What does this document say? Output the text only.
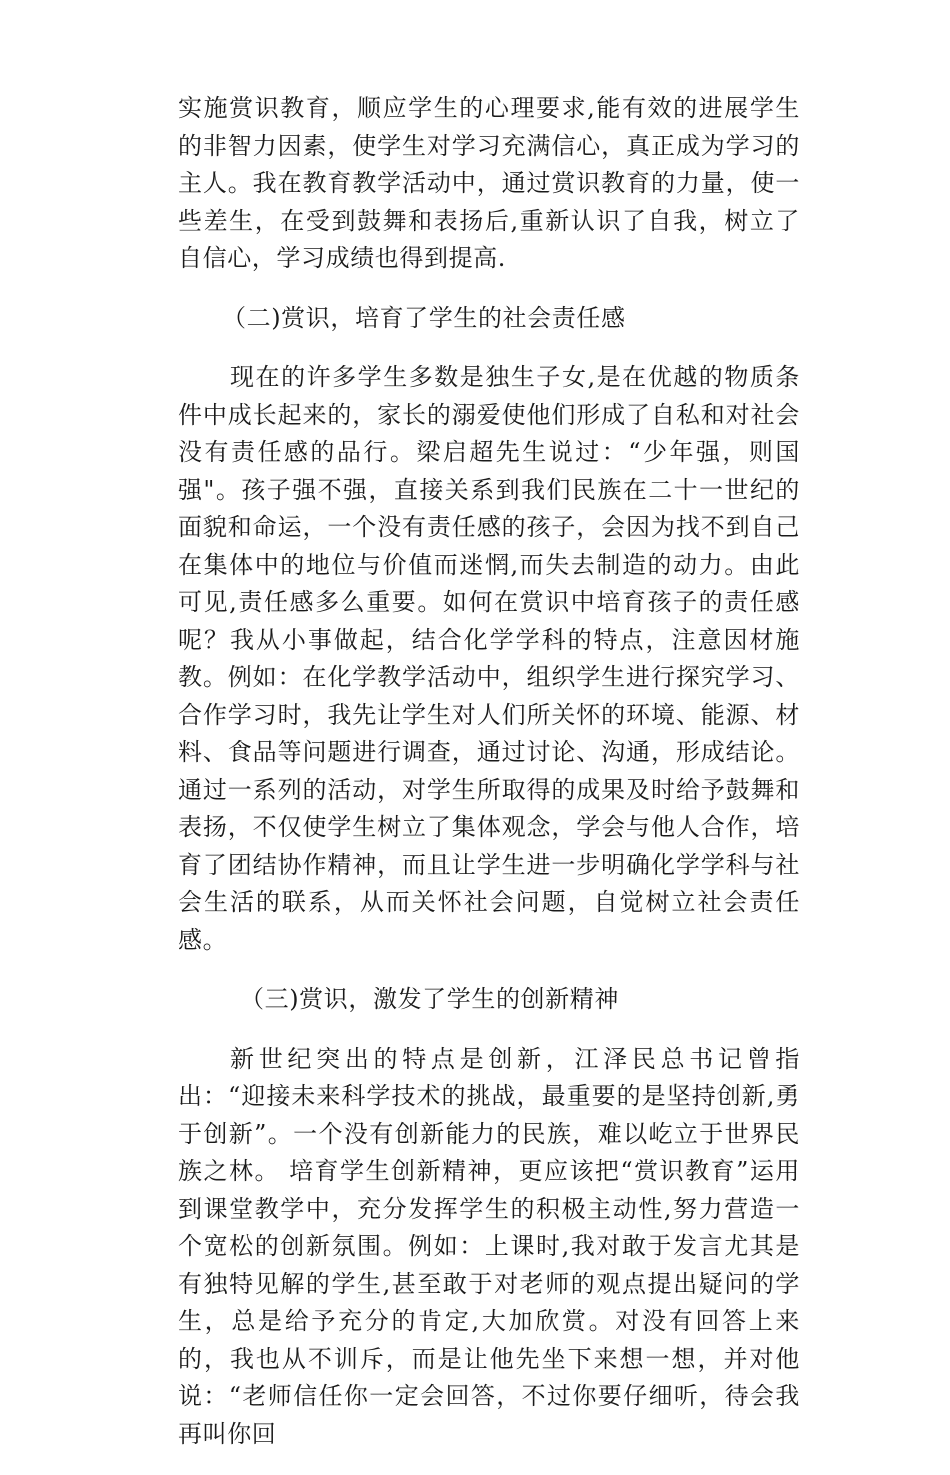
实施赏识教育，顺应学生的心理要求,能有效的进展学生的非智力因素，使学生对学习充满信心，真正成为学习的主人。我在教育教学活动中，通过赏识教育的力量，使一些差生，在受到鼓舞和表扬后,重新认识了自我，树立了自信心，学习成绩也得到提高.

（二)赏识，培育了学生的社会责任感

现在的许多学生多数是独生子女,是在优越的物质条件中成长起来的，家长的溺爱使他们形成了自私和对社会没有责任感的品行。梁启超先生说过：“少年强，则国强"。孩子强不强，直接关系到我们民族在二十一世纪的面貌和命运，一个没有责任感的孩子，会因为找不到自己在集体中的地位与价值而迷惘,而失去制造的动力。由此可见,责任感多么重要。如何在赏识中培育孩子的责任感呢？我从小事做起，结合化学学科的特点，注意因材施教。例如：在化学教学活动中，组织学生进行探究学习、合作学习时，我先让学生对人们所关怀的环境、能源、材料、食品等问题进行调查，通过讨论、沟通，形成结论。通过一系列的活动，对学生所取得的成果及时给予鼓舞和表扬，不仅使学生树立了集体观念，学会与他人合作，培育了团结协作精神，而且让学生进一步明确化学学科与社会生活的联系，从而关怀社会问题，自觉树立社会责任感。

（三)赏识，激发了学生的创新精神

新世纪突出的特点是创新，江泽民总书记曾指出：“迎接未来科学技术的挑战，最重要的是坚持创新,勇于创新”。一个没有创新能力的民族，难以屹立于世界民族之林。 培育学生创新精神，更应该把“赏识教育”运用到课堂教学中，充分发挥学生的积极主动性,努力营造一个宽松的创新氛围。例如：上课时,我对敢于发言尤其是有独特见解的学生,甚至敢于对老师的观点提出疑问的学生，总是给予充分的肯定,大加欣赏。对没有回答上来的，我也从不训斥，而是让他先坐下来想一想，并对他说：“老师信任你一定会回答，不过你要仔细听，待会我再叫你回
